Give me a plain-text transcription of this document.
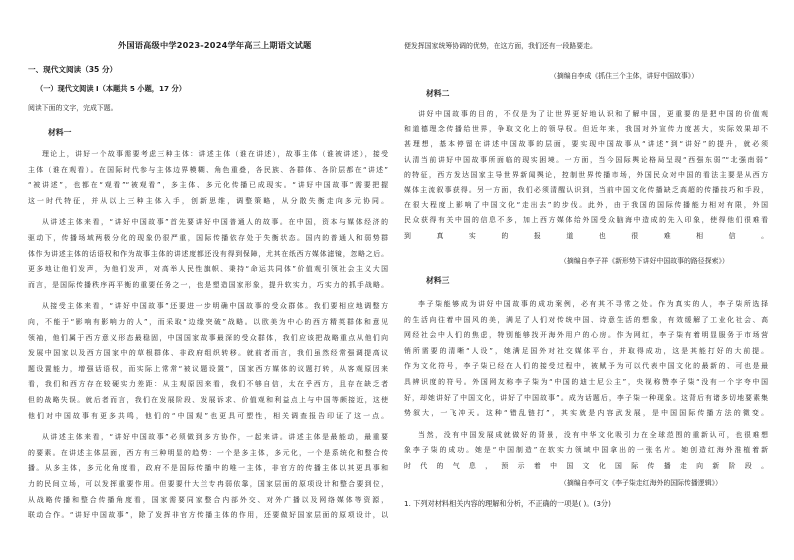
外国语高级中学2023-2024学年高三上期语文试题
一、现代文阅读（35 分）
（一）现代文阅读 I（本题共 5 小题，17 分）
阅读下面的文字，完成下题。
材料一
理论上，讲好一个故事需要考虑三种主体：讲述主体（谁在讲述），故事主体（谁被讲述），接受
主体（谁在观看）。在国际时代参与主体边界模糊、角色重叠，各民族、各群体、各阶层都在“讲述”
“被讲述”，也都在“观看”“被观看”，多主体、多元化传播已成现实。“讲好中国故事”需要把握
这一时代特征，并从以上三种主体入手，创新思维，调整策略，从分散失衡走向多元协同。
从讲述主体来看，“讲好中国故事”首先要讲好中国普通人的故事。在中国，资本与媒体经济的
驱动下，传播场域两极分化的现象仍很严重，国际传播依存处于失衡状态。国内的普通人和弱势群
体作为讲述主体的话语权和作为故事主体的讲述度都还没有得到保障，尤其在纸西方媒体滤镜，忽略之后。
更多地让他们发声，为他们发声，对高举人民性旗帜、秉持“命运共同体”价值观引领社会主义大国
而言，是国际传播秩序再平衡的重要任务之一，也是塑造国家形象，提升软实力，巧实力的抓手战略。
从接受主体来看，“讲好中国故事”还要进一步明确中国故事的受众群体。我们要相应地调整方
向，不能于“影响有影响力的人”，而采取“边缘突破”战略。以欧美为中心的西方精英群体和意见
领袖，他们属于西方意义形态最稳固，中国国家故事最深的受众群体，我们应该把战略重点从他们向
发展中国家以及西方国家中的草根群体、非政府组织转移。就前者而言，我们虽然经常强调提高议
题设置能力，增强话语权，而实际上常常“被议题设置”，国家西方媒体的议题打转，从客观原因来
看，我们和西方存在较硬实力差距：从主观原因来看，我们不够自信，太在乎西方，且存在缺乏者
但的战略失误。就后者而言，我们在发展阶段、发展诉求、价值观和利益点上与中国等颇接近，这使
他们对中国故事有更多共鸣，他们的“中国观”也更具可塑性，相关调查报告印证了这一点。
从讲述主体来看，“讲好中国故事”必须做到多方协作，一起来讲。讲述主体是最能动，最重要
的要素。在讲述主体层面，西方有三种明显的趋势：一个是多主体，多元化，一个是系统化和整合传
播。从多主体，多元化角度看，政府不是国际传播中的唯一主体，非官方的传播主体以其更具事和
力的民间立场，可以发挥重要作用。但要要什大兰专冉弱依靠，国家层面的原项设计和整合要到位，
从战略传播和整合传播角度看，国家需要同家整合内部外交、对外广播以及网络媒体等资源，
联动合作。“讲好中国故事”，除了发挥非官方传播主体的作用，还要做好国家层面的原项设计，以
便发挥国家统筹协调的优势，在这方面，我们还有一段路要走。
（摘编自李成《抓住三个主体，讲好中国故事》）
材料二
讲好中国故事的目的，不仅是为了让世界更好地认识和了解中国，更重要的是把中国的价值观
和道德理念传播给世界，争取文化上的领导权。但近年来，我国对外宣传力度甚大，实际效果却不
甚理想，基本停留在讲述中国故事的层面，要实现中国故事从“讲述”到“讲好”的提升，就必须
认清当前讲好中国故事所面临的现实困境。一方面，当今国际舆论格局呈现“西强东弱”“北强南弱”
的特征，西方发达国家主导世界新闻舆论，控制世界传播市场，外国民众对中国的看法主要是从西方
媒体主流叙事获得。另一方面，我们必须清醒认识到，当前中国文化传播缺乏高超的传播技巧和手段，
在很大程度上影响了中国文化“走出去”的步伐。此外，由于我国的国际传播能力相对有限，外国
民众获得有关中国的信息不多，加上西方媒体给外国受众脑海中造成的先入印象，使得他们很难看
到真实的报道也很难相信。
（摘编自李子祥《新形势下讲好中国故事的路径探索》）
材料三
李子柒能够成为讲好中国故事的成功案例，必有其不寻常之处。作为真实的人，李子柒所选择
的生活向往着中国风的美，满足了人们对传统中国、诗意生活的想象，有效缓解了工业化社会、高
网经社会中人们的焦虑，特别能够找开海外用户的心房。作为网红，李子柒有着明显服务于市场营
销所需要的清晰“人设”，她满足国外对社交媒体平台，并取得成功，这是其能打好的大前提。
作为文化符号，李子柒已经在人们的接受过程中，被赋予为可以代表中国文化的最新的、可也是最
具辨识度的符号。外国网友称李子柒为“中国的迪士尼公主”，央视称赞李子柒“没有一个字夸中国
好，却她讲好了中国文化，讲好了中国故事”。成为话题后，李子柒一种现象。这背后有诸多切地要素集
势叙大，一飞冲天。这种“错乱链打”，其实就是内容武发展，是中国国际传播方法的微变。
当然，没有中国发展成就做好的背景，没有中华文化吸引力在全球范围的重新认可，也很难想
象李子柒的成功。她是“中国制造”在软实力领域中国拿出的一张名片。她创造红海外淮植着新
时代的气息，预示着中国文化国际传播走向新阶段。
（摘编自李可文《李子柒走红海外的国际传播逻辑》）
1. 下列对材料相关内容的理解和分析，不正确的一项是( )。(3分)
